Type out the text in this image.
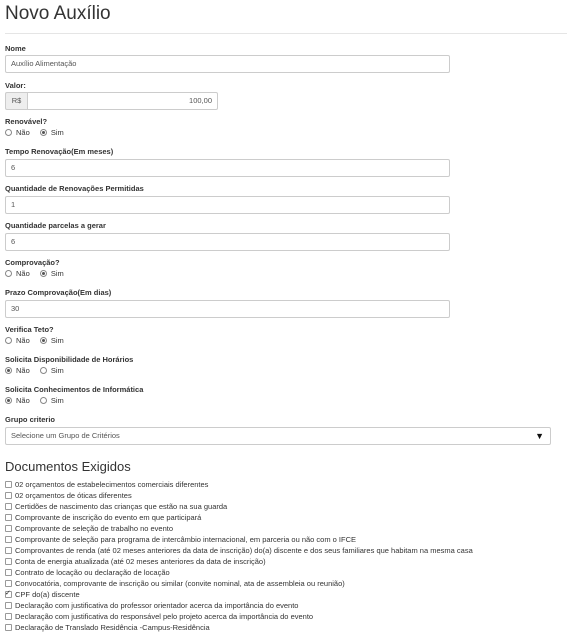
Novo Auxílio
Nome
Auxílio Alimentação
Valor:
R$	100,00
Renovável?
Não	Sim
Tempo Renovação(Em meses)
6
Quantidade de Renovações Permitidas
1
Quantidade parcelas a gerar
6
Comprovação?
Não	Sim
Prazo Comprovação(Em dias)
30
Verifica Teto?
Não	Sim
Solicita Disponibilidade de Horários
Não	Sim
Solicita Conhecimentos de Informática
Não	Sim
Grupo criterio
Selecione um Grupo de Critérios	▼
Documentos Exigidos
02 orçamentos de estabelecimentos comerciais diferentes
02 orçamentos de óticas diferentes
Certidões de nascimento das crianças que estão na sua guarda
Comprovante de inscrição do evento em que participará
Comprovante de seleção de trabalho no evento
Comprovante de seleção para programa de intercâmbio internacional, em parceria ou não com o IFCE
Comprovantes de renda (até 02 meses anteriores da data de inscrição) do(a) discente e dos seus familiares que habitam na mesma casa
Conta de energia atualizada (até 02 meses anteriores da data de inscrição)
Contrato de locação ou declaração de locação
Convocatória, comprovante de inscrição ou similar (convite nominal, ata de assembleia ou reunião)
✓CPF do(a) discente
Declaração com justificativa do professor orientador acerca da importância do evento
Declaração com justificativa do responsável pelo projeto acerca da importância do evento
Declaração de Translado Residência -Campus-Residência
